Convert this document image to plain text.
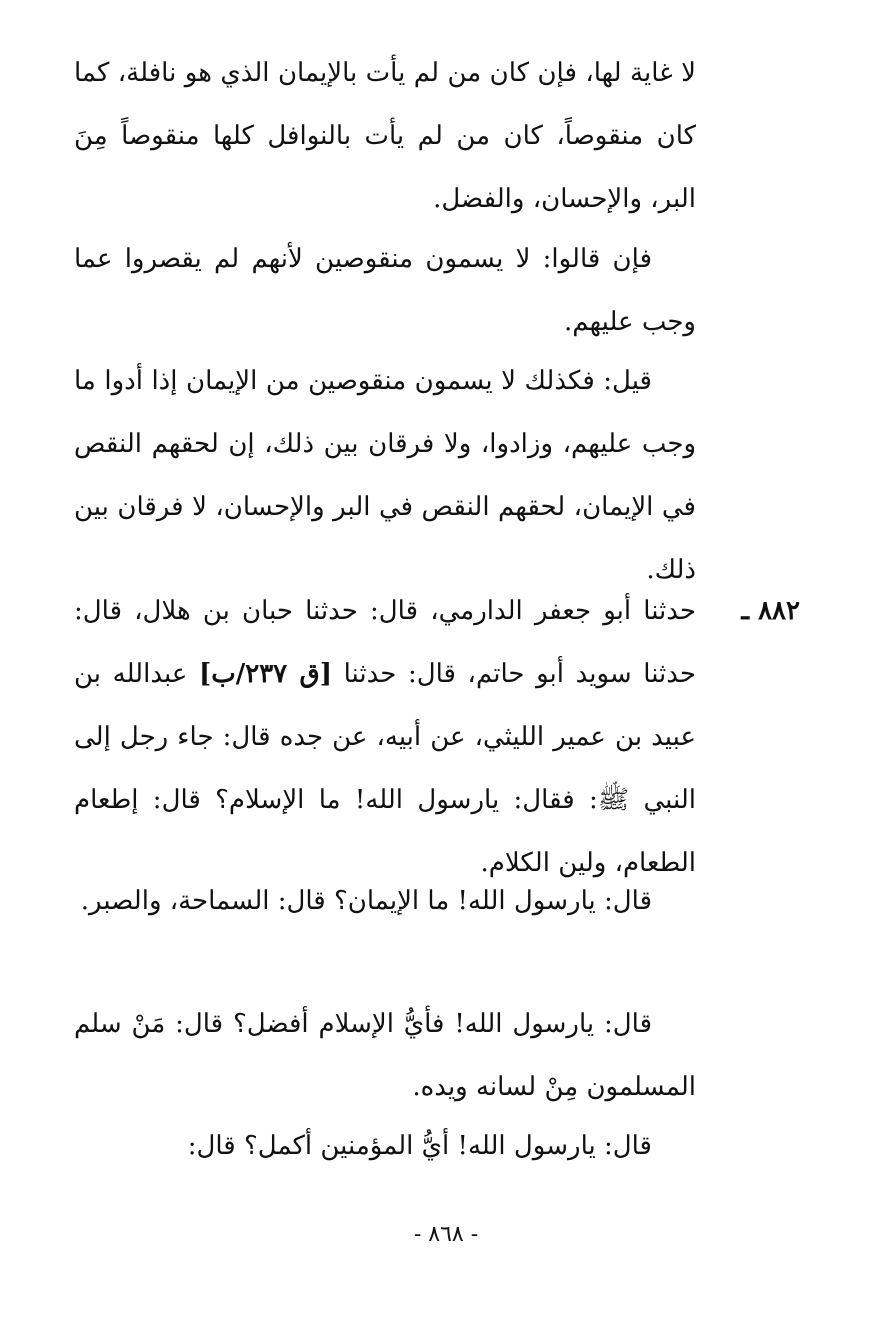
لا غاية لها، فإن كان من لم يأت بالإيمان الذي هو نافلة، كما كان منقوصاً، كان من لم يأت بالنوافل كلها منقوصاً مِنَ البر، والإحسان، والفضل.

فإن قالوا: لا يسمون منقوصين لأنهم لم يقصروا عما وجب عليهم.

قيل: فكذلك لا يسمون منقوصين من الإيمان إذا أدوا ما وجب عليهم، وزادوا، ولا فرقان بين ذلك، إن لحقهم النقص في الإيمان، لحقهم النقص في البر والإحسان، لا فرقان بين ذلك.

٨٨٢ ـ

حدثنا أبو جعفر الدارمي، قال: حدثنا حبان بن هلال، قال: حدثنا سويد أبو حاتم، قال: حدثنا [ق ٢٣٧/ب] عبدالله بن عبيد بن عمير الليثي، عن أبيه، عن جده قال: جاء رجل إلى النبي ﷺ: فقال: يارسول الله! ما الإسلام؟ قال: إطعام الطعام، ولين الكلام.

قال: يارسول الله! ما الإيمان؟ قال: السماحة، والصبر.

قال: يارسول الله! فأيُّ الإسلام أفضل؟ قال: مَنْ سلم المسلمون مِنْ لسانه ويده.

قال: يارسول الله! أيُّ المؤمنين أكمل؟ قال:

- ٨٦٨ -
